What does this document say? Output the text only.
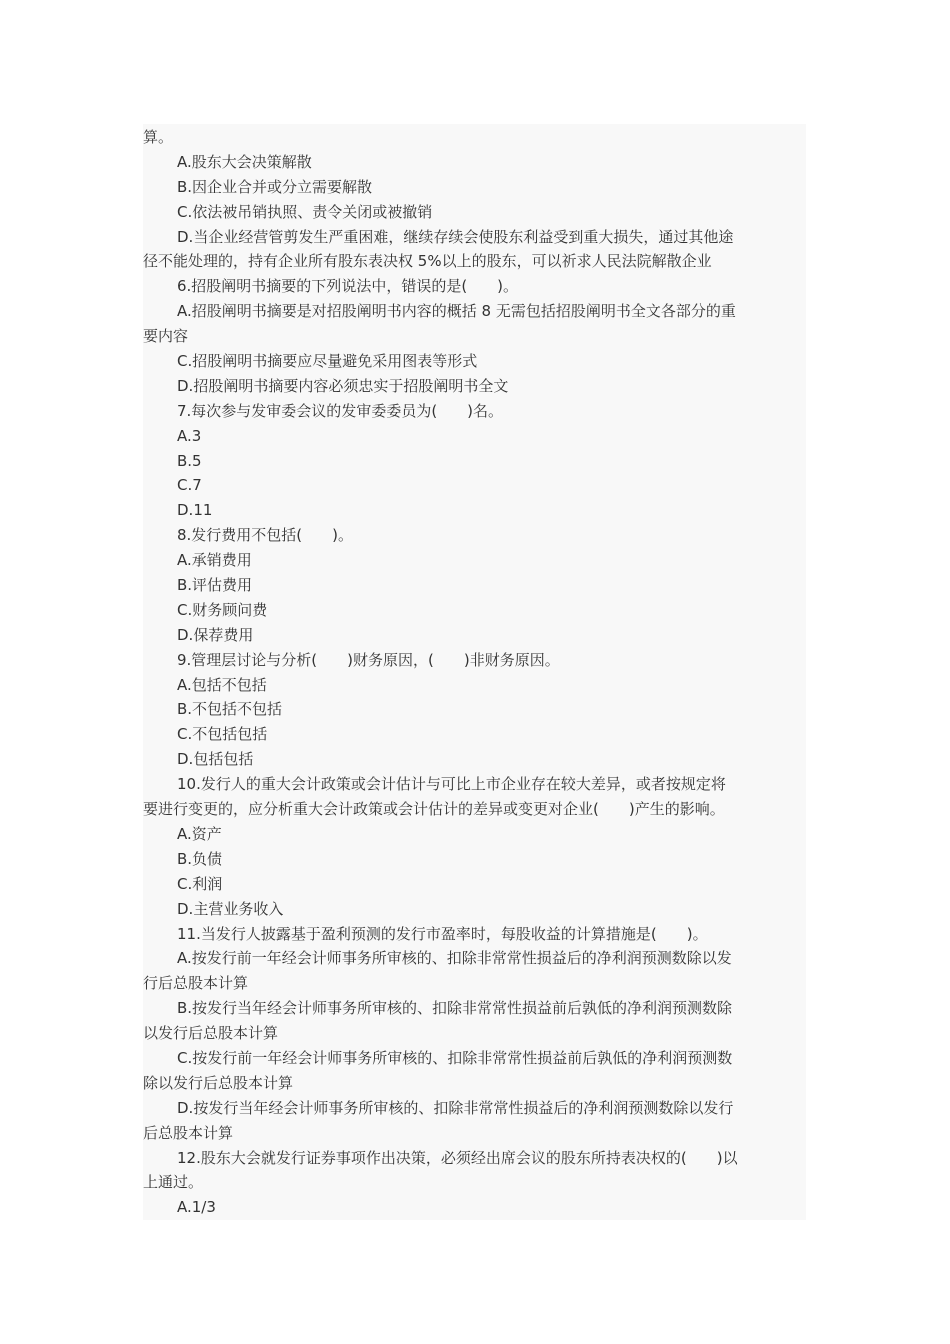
算。
A.股东大会决策解散
B.因企业合并或分立需要解散
C.依法被吊销执照、责令关闭或被撤销
D.当企业经营管剪发生严重困难，继续存续会使股东利益受到重大损失，通过其他途
径不能处理的，持有企业所有股东表决权 5%以上的股东，可以祈求人民法院解散企业
6.招股阐明书摘要的下列说法中，错误的是(　　)。
A.招股阐明书摘要是对招股阐明书内容的概括 8 无需包括招股阐明书全文各部分的重
要内容
C.招股阐明书摘要应尽量避免采用图表等形式
D.招股阐明书摘要内容必须忠实于招股阐明书全文
7.每次参与发审委会议的发审委委员为(　　)名。
A.3
B.5
C.7
D.11
8.发行费用不包括(　　)。
A.承销费用
B.评估费用
C.财务顾问费
D.保荐费用
9.管理层讨论与分析(　　)财务原因，(　　)非财务原因。
A.包括不包括
B.不包括不包括
C.不包括包括
D.包括包括
10.发行人的重大会计政策或会计估计与可比上市企业存在较大差异，或者按规定将
要进行变更的，应分析重大会计政策或会计估计的差异或变更对企业(　　)产生的影响。
A.资产
B.负债
C.利润
D.主营业务收入
11.当发行人披露基于盈利预测的发行市盈率时，每股收益的计算措施是(　　)。
A.按发行前一年经会计师事务所审核的、扣除非常常性损益后的净利润预测数除以发
行后总股本计算
B.按发行当年经会计师事务所审核的、扣除非常常性损益前后孰低的净利润预测数除
以发行后总股本计算
C.按发行前一年经会计师事务所审核的、扣除非常常性损益前后孰低的净利润预测数
除以发行后总股本计算
D.按发行当年经会计师事务所审核的、扣除非常常性损益后的净利润预测数除以发行
后总股本计算
12.股东大会就发行证券事项作出决策，必须经出席会议的股东所持表决权的(　　)以
上通过。
A.1/3
